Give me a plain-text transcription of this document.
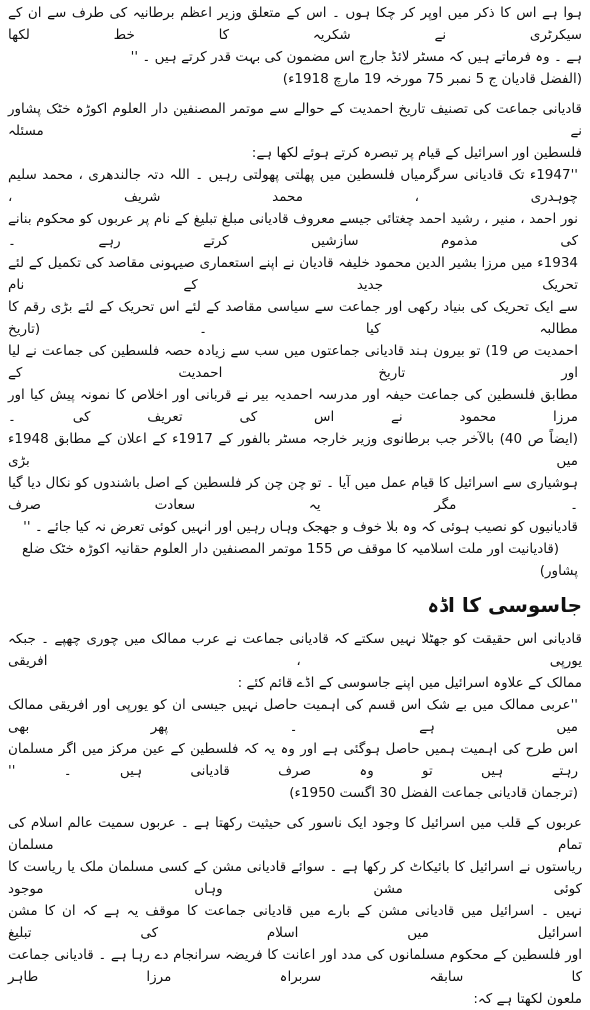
ہوا ہے اس کا ذکر میں اوپر کر چکا ہوں ۔ اس کے متعلق وزیر اعظم برطانیہ کی طرف سے ان کے سیکرٹری نے شکریہ کا خط لکھا

ہے ۔ وہ فرماتے ہیں کہ مسٹر لائڈ جارج اس مضمون کی بہت قدر کرتے ہیں ۔ ''

(الفضل قادیان ج 5 نمبر 75 مورخہ 19 مارچ 1918ء)

قادیانی جماعت کی تصنیف تاریخ احمدیت کے حوالے سے موتمر المصنفین دار العلوم اکوڑہ خٹک پشاور نے مسئلہ

فلسطین اور اسرائیل کے قیام پر تبصرہ کرتے ہوئے لکھا ہے:

''1947ء تک قادیانی سرگرمیاں فلسطین میں پھلتی پھولتی رہیں ۔ اللہ دتہ جالندھری ، محمد سلیم چوہدری ، محمد شریف ،

نور احمد ، منیر ، رشید احمد چغتائی جیسے معروف قادیانی مبلغ تبلیغ کے نام پر عربوں کو محکوم بنانے کی مذموم سازشیں کرتے رہے ۔

1934ء میں مرزا بشیر الدین محمود خلیفہ قادیان نے اپنے استعماری صیہونی مقاصد کی تکمیل کے لئے تحریک جدید کے نام

سے ایک تحریک کی بنیاد رکھی اور جماعت سے سیاسی مقاصد کے لئے اس تحریک کے لئے بڑی رقم کا مطالبہ کیا ۔ (تاریخ

احمدیت ص 19) تو بیرون ہند قادیانی جماعتوں میں سب سے زیادہ حصہ فلسطین کی جماعت نے لیا اور تاریخ احمدیت کے

مطابق فلسطین کی جماعت حیفہ اور مدرسہ احمدیہ بیر نے قربانی اور اخلاص کا نمونہ پیش کیا اور مرزا محمود نے اس کی تعریف کی ۔

(ایضاً ص 40) بالآخر جب برطانوی وزیر خارجہ مسٹر بالفور کے 1917ء کے اعلان کے مطابق 1948ء میں بڑی

ہوشیاری سے اسرائیل کا قیام عمل میں آیا ۔ تو چن چن کر فلسطین کے اصل باشندوں کو نکال دیا گیا ۔ مگر یہ سعادت صرف

قادیانیوں کو نصیب ہوئی کہ وہ بلا خوف و جھجک وہاں رہیں اور انہیں کوئی تعرض نہ کیا جائے ۔ ''

(قادیانیت اور ملت اسلامیہ کا موقف ص 155 موتمر المصنفین دار العلوم حقانیہ اکوڑہ خٹک ضلع پشاور)

جاسوسی کا اڈہ

قادیانی اس حقیقت کو جھٹلا نہیں سکتے کہ قادیانی جماعت نے عرب ممالک میں چوری چھپے ۔ جبکہ یورپی ، افریقی

ممالک کے علاوہ اسرائیل میں اپنے جاسوسی کے اڈے قائم کئے :

''عربی ممالک میں بے شک اس قسم کی اہمیت حاصل نہیں جیسی ان کو یورپی اور افریقی ممالک میں ہے ۔ پھر بھی

اس طرح کی اہمیت ہمیں حاصل ہوگئی ہے اور وہ یہ کہ فلسطین کے عین مرکز میں اگر مسلمان رہتے ہیں تو وہ صرف قادیانی ہیں ۔ ''

(ترجمان قادیانی جماعت الفضل 30 اگست 1950ء)

عربوں کے قلب میں اسرائیل کا وجود ایک ناسور کی حیثیت رکھتا ہے ۔ عربوں سمیت عالم اسلام کی تمام مسلمان

ریاستوں نے اسرائیل کا بائیکاٹ کر رکھا ہے ۔ سوائے قادیانی مشن کے کسی مسلمان ملک یا ریاست کا کوئی مشن وہاں موجود

نہیں ۔ اسرائیل میں قادیانی مشن کے بارے میں قادیانی جماعت کا موقف یہ ہے کہ ان کا مشن اسرائیل میں اسلام کی تبلیغ

اور فلسطین کے محکوم مسلمانوں کی مدد اور اعانت کا فریضہ سرانجام دے رہا ہے ۔ قادیانی جماعت کا سابقہ سربراہ مرزا طاہر

ملعون لکھتا ہے کہ:
